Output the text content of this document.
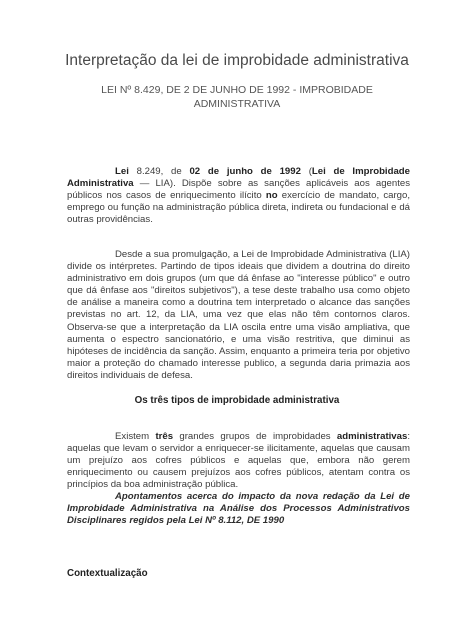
Interpretação da lei de improbidade administrativa

LEI Nº 8.429, DE 2 DE JUNHO DE 1992 - IMPROBIDADE ADMINISTRATIVA

Lei 8.249, de 02 de junho de 1992 (Lei de Improbidade Administrativa — LIA). Dispõe sobre as sanções aplicáveis aos agentes públicos nos casos de enriquecimento ilícito no exercício de mandato, cargo, emprego ou função na administração pública direta, indireta ou fundacional e dá outras providências.

Desde a sua promulgação, a Lei de Improbidade Administrativa (LIA) divide os intérpretes. Partindo de tipos ideais que dividem a doutrina do direito administrativo em dois grupos (um que dá ênfase ao "interesse público" e outro que dá ênfase aos "direitos subjetivos"), a tese deste trabalho usa como objeto de análise a maneira como a doutrina tem interpretado o alcance das sanções previstas no art. 12, da LIA, uma vez que elas não têm contornos claros. Observa-se que a interpretação da LIA oscila entre uma visão ampliativa, que aumenta o espectro sancionatório, e uma visão restritiva, que diminui as hipóteses de incidência da sanção. Assim, enquanto a primeira teria por objetivo maior a proteção do chamado interesse publico, a segunda daria primazia aos direitos individuais de defesa.

Os três tipos de improbidade administrativa

Existem três grandes grupos de improbidades administrativas: aquelas que levam o servidor a enriquecer-se ilicitamente, aquelas que causam um prejuízo aos cofres públicos e aquelas que, embora não gerem enriquecimento ou causem prejuízos aos cofres públicos, atentam contra os princípios da boa administração pública.

Apontamentos acerca do impacto da nova redação da Lei de Improbidade Administrativa na Análise dos Processos Administrativos Disciplinares regidos pela Lei Nº 8.112, DE 1990

Contextualização
